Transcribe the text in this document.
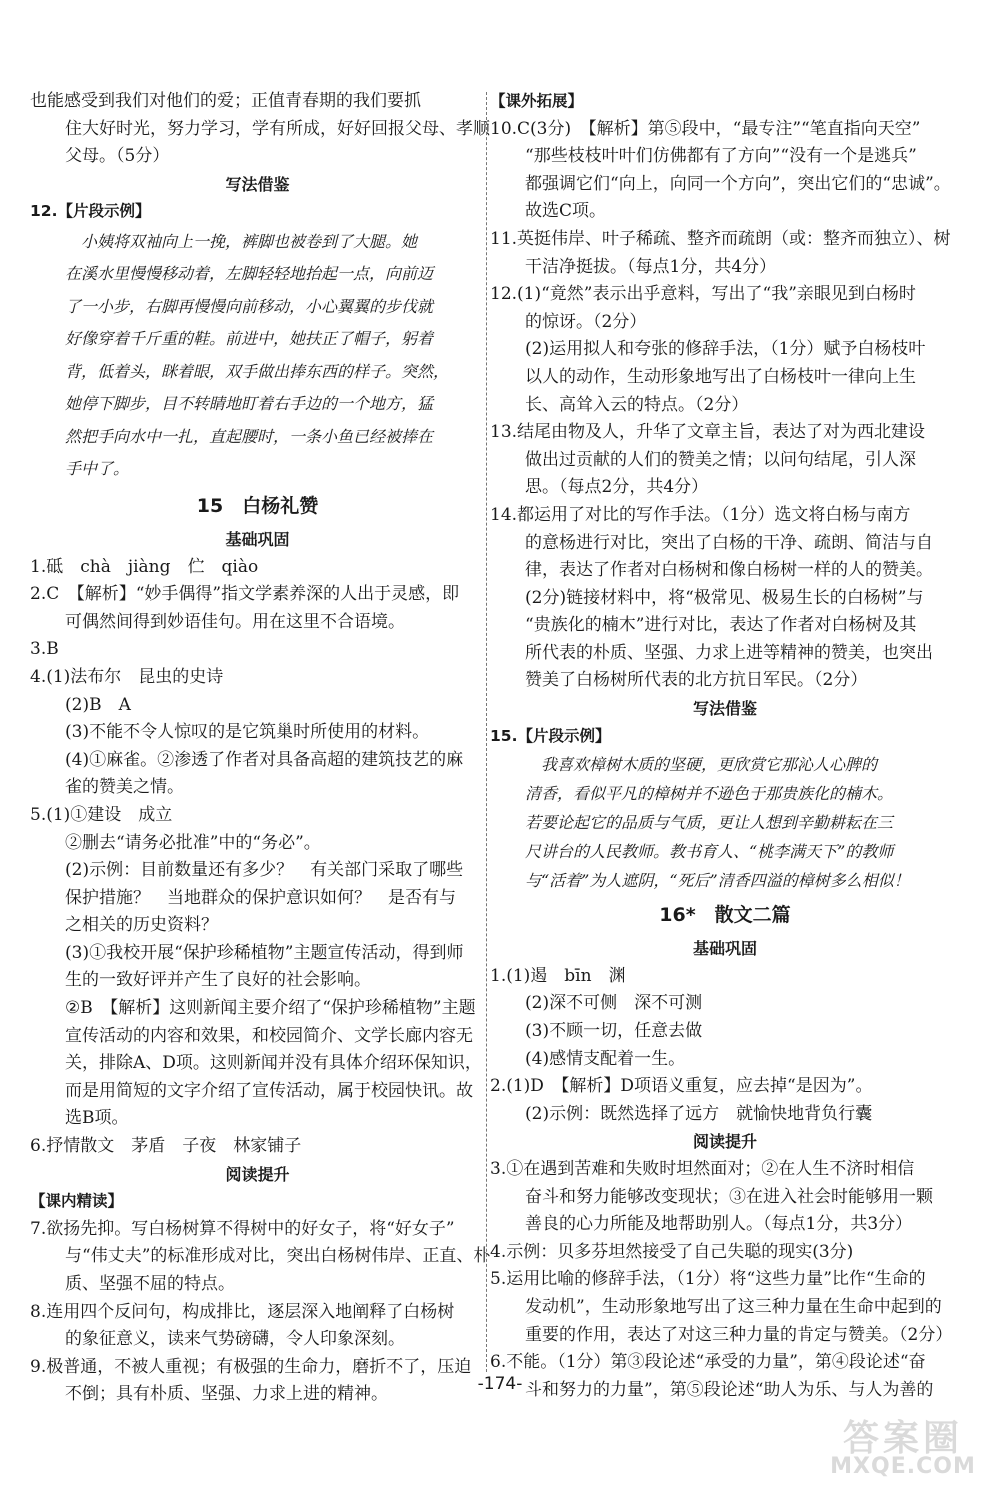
也能感受到我们对他们的爱；正值青春期的我们要抓
住大好时光，努力学习，学有所成，好好回报父母、孝顺
父母。（5分）
写法借鉴
12.【片段示例】
　小姨将双袖向上一挽，裤脚也被卷到了大腿。她
在溪水里慢慢移动着，左脚轻轻地抬起一点，向前迈
了一小步，右脚再慢慢向前移动，小心翼翼的步伐就
好像穿着千斤重的鞋。前进中，她扶正了帽子，躬着
背，低着头，眯着眼，双手做出捧东西的样子。突然，
她停下脚步，目不转睛地盯着右手边的一个地方，猛
然把手向水中一扎，直起腰时，一条小鱼已经被捧在
手中了。
15　白杨礼赞
基础巩固
1.砥　chà　jiàng　伫　qiào
2.C　【解析】“妙手偶得”指文学素养深的人出于灵感，即
可偶然间得到妙语佳句。用在这里不合语境。
3.B
4.(1)法布尔　昆虫的史诗
(2)B　A
(3)不能不令人惊叹的是它筑巢时所使用的材料。
(4)①麻雀。②渗透了作者对具备高超的建筑技艺的麻
雀的赞美之情。
5.(1)①建设　成立
②删去“请务必批准”中的“务必”。
(2)示例：目前数量还有多少？　有关部门采取了哪些
保护措施？　当地群众的保护意识如何？　是否有与
之相关的历史资料？
(3)①我校开展“保护珍稀植物”主题宣传活动，得到师
生的一致好评并产生了良好的社会影响。
②B　【解析】这则新闻主要介绍了“保护珍稀植物”主题
宣传活动的内容和效果，和校园简介、文学长廊内容无
关，排除A、D项。这则新闻并没有具体介绍环保知识，
而是用简短的文字介绍了宣传活动，属于校园快讯。故
选B项。
6.抒情散文　茅盾　子夜　林家铺子
阅读提升
【课内精读】
7.欲扬先抑。写白杨树算不得树中的好女子，将“好女子”
与“伟丈夫”的标准形成对比，突出白杨树伟岸、正直、朴
质、坚强不屈的特点。
8.连用四个反问句，构成排比，逐层深入地阐释了白杨树
的象征意义，读来气势磅礴，令人印象深刻。
9.极普通，不被人重视；有极强的生命力，磨折不了，压迫
不倒；具有朴质、坚强、力求上进的精神。
【课外拓展】
10.C(3分)　【解析】第⑤段中，“最专注”“笔直指向天空”
“那些枝枝叶叶们仿佛都有了方向”“没有一个是逃兵”
都强调它们“向上，向同一个方向”，突出它们的“忠诚”。
故选C项。
11.英挺伟岸、叶子稀疏、整齐而疏朗（或：整齐而独立）、树
干洁净挺拔。（每点1分，共4分）
12.(1)“竟然”表示出乎意料，写出了“我”亲眼见到白杨时
的惊讶。（2分）
(2)运用拟人和夸张的修辞手法，（1分）赋予白杨枝叶
以人的动作，生动形象地写出了白杨枝叶一律向上生
长、高耸入云的特点。（2分）
13.结尾由物及人，升华了文章主旨，表达了对为西北建设
做出过贡献的人们的赞美之情；以问句结尾，引人深
思。（每点2分，共4分）
14.都运用了对比的写作手法。（1分）选文将白杨与南方
的意杨进行对比，突出了白杨的干净、疏朗、简洁与自
律，表达了作者对白杨树和像白杨树一样的人的赞美。
(2分)链接材料中，将“极常见、极易生长的白杨树”与
“贵族化的楠木”进行对比，表达了作者对白杨树及其
所代表的朴质、坚强、力求上进等精神的赞美，也突出
赞美了白杨树所代表的北方抗日军民。（2分）
写法借鉴
15.【片段示例】
　我喜欢樟树木质的坚硬，更欣赏它那沁人心脾的
清香，看似平凡的樟树并不逊色于那贵族化的楠木。
若要论起它的品质与气质，更让人想到辛勤耕耘在三
尺讲台的人民教师。教书育人、“桃李满天下”的教师
与“活着”为人遮阴，“死后”清香四溢的樟树多么相似！
16*　散文二篇
基础巩固
1.(1)遏　bīn　渊
(2)深不可侧　深不可测
(3)不顾一切，任意去做
(4)感情支配着一生。
2.(1)D　【解析】D项语义重复，应去掉“是因为”。
(2)示例：既然选择了远方　就愉快地背负行囊
阅读提升
3.①在遇到苦难和失败时坦然面对；②在人生不济时相信
奋斗和努力能够改变现状；③在进入社会时能够用一颗
善良的心力所能及地帮助别人。（每点1分，共3分）
4.示例：贝多芬坦然接受了自己失聪的现实(3分)
5.运用比喻的修辞手法，（1分）将“这些力量”比作“生命的
发动机”，生动形象地写出了这三种力量在生命中起到的
重要的作用，表达了对这三种力量的肯定与赞美。（2分）
6.不能。（1分）第③段论述“承受的力量”，第④段论述“奋
斗和努力的力量”，第⑤段论述“助人为乐、与人为善的
-174-
答案圈
MXQE.COM
